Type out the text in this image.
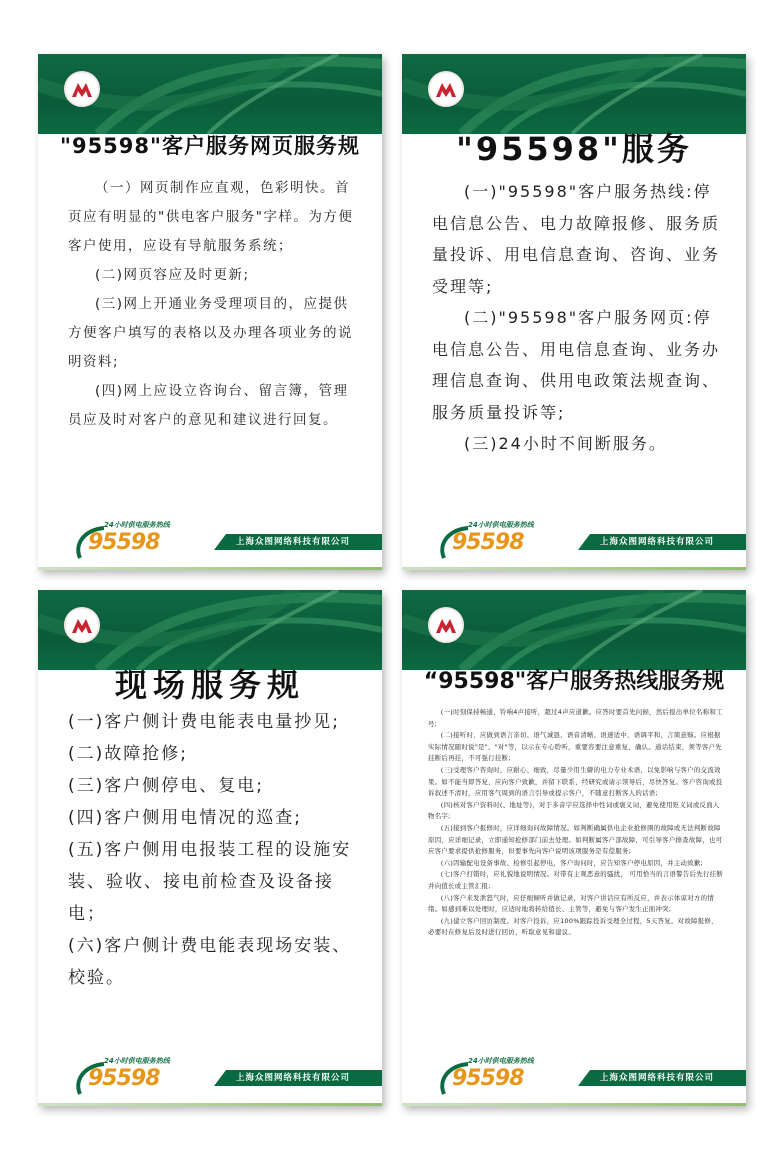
"95598"客户服务网页服务规

（一）网页制作应直观，色彩明快。首页应有明显的"供电客户服务"字样。为方便客户使用，应设有导航服务系统；

(二)网页容应及时更新;

(三)网上开通业务受理项目的，应提供方便客户填写的表格以及办理各项业务的说明资料;

(四)网上应设立咨询台、留言簿，管理员应及时对客户的意见和建议进行回复。

24小时供电服务热线
95598	上海众图网络科技有限公司
"95598"服务

(一)"95598"客户服务热线:停电信息公告、电力故障报修、服务质量投诉、用电信息查询、咨询、业务受理等;

(二)"95598"客户服务网页:停电信息公告、用电信息查询、业务办理信息查询、供用电政策法规查询、服务质量投诉等;

(三)24小时不间断服务。

24小时供电服务热线
95598	上海众图网络科技有限公司
现场服务规

(一)客户侧计费电能表电量抄见;

(二)故障抢修;

(三)客户侧停电、复电;

(四)客户侧用电情况的巡查;

(五)客户侧用电报装工程的设施安装、验收、接电前检查及设备接电；

(六)客户侧计费电能表现场安装、校验。

24小时供电服务热线
95598	上海众图网络科技有限公司
“95598"客户服务热线服务规

(一)时刻保持畅通，铃响4声接听，超过4声应道歉。应答时要首先问候，然后报出单位名称和工号;

(二)接听时，应做到语言亲切、语气诚恳、语音清晰、语速适中、语调平和、言简意赅。应根据实际情况随时说"是"、"对"等，以示在专心聆听，重要容要注意重复、确认。通话结束，须等客户先挂断后再挂，不可强行挂断;

(三)受理客户咨询时，应耐心、细致，尽量少用生僻的电力专业术语，以免影响与客户的交流效果。如不能当即答复，应向客户致歉，并留下联系，经研究或请示领导后，尽快答复。客户咨询或投诉叙述不清时，应用客气周到的语言引导或提示客户，不随意打断客人的话语;

(四)核对客户资料时(、地址等)，对于多音字应选择中性词或褒义词，避免使用贬义词或反面人物名字;

(五)接到客户报修时，应详细询问故障情况。如判断确属供电企业抢修围的故障或无法判断故障原因，应详细记录，立即通知抢修部门前去处理。如判断属客户部故障，可引导客户排查故障，也可应客户要求提供抢修服务，但要事先向客户说明该项服务是有偿服务;

(六)因输配电设备事故、检修引起停电，客户询问时，应告知客户停电原因，并主动致歉;

(七)客户打错时，应礼貌地说明情况。对带有主观恶意的骚扰， 可用恰当的言语警告后先行挂断并向值长或主管汇报;

(八)客户来发泄怒气时，应仔细倾听并做记录，对客户讲话应有所反应，并表示体谅对方的情绪。如感到难以处理时，应适时地将转给值长、主管等，避免与客户发生正面冲突;

(九)建立客户回访制度。对客户投诉，应100%跟踪投诉受理全过程，5天答复。对故障报修，必要时在修复后及时进行回访，听取意见和建议。

24小时供电服务热线
95598	上海众图网络科技有限公司
